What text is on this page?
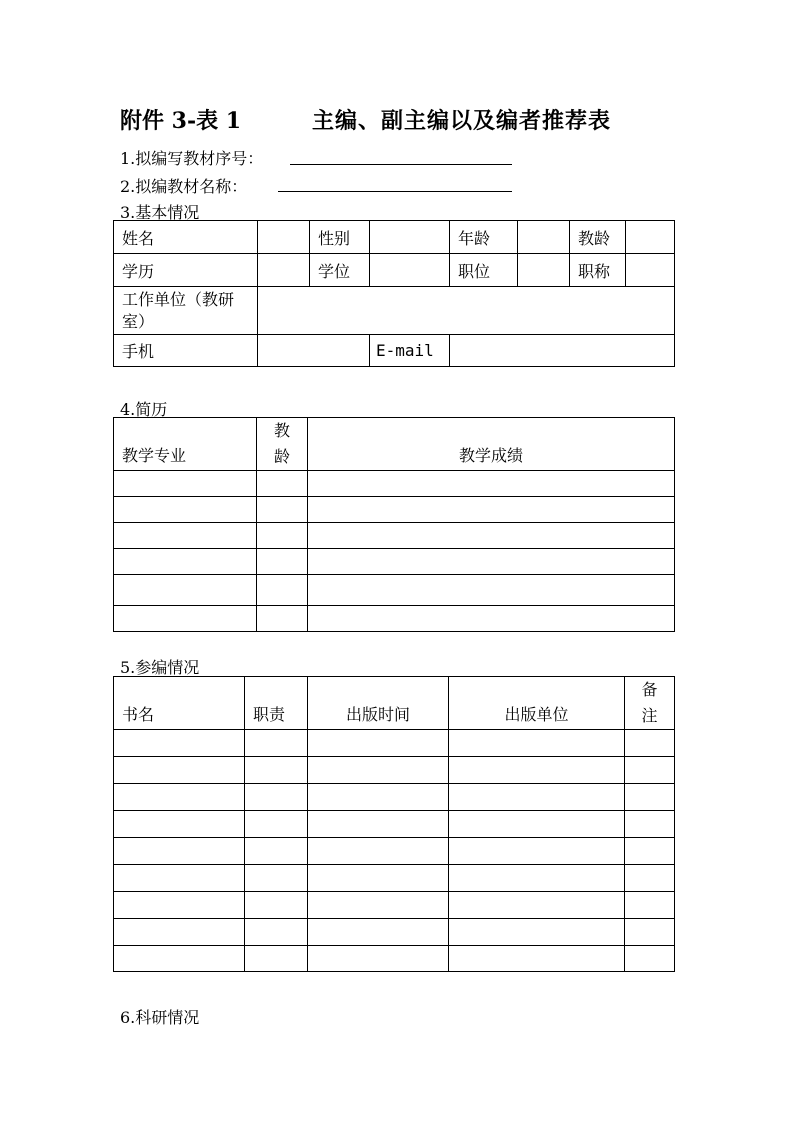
附件 3-表 1	主编、副主编以及编者推荐表
1.拟编写教材序号：
2.拟编教材名称：
3.基本情况
姓名		性别		年龄		教龄	
学历		学位		职位		职称	
工作单位（教研室）							
手机			E-mail				
4.简历
教学专业	教龄	教学成绩

5.参编情况
书名	职责	出版时间	出版单位	备注

6.科研情况
